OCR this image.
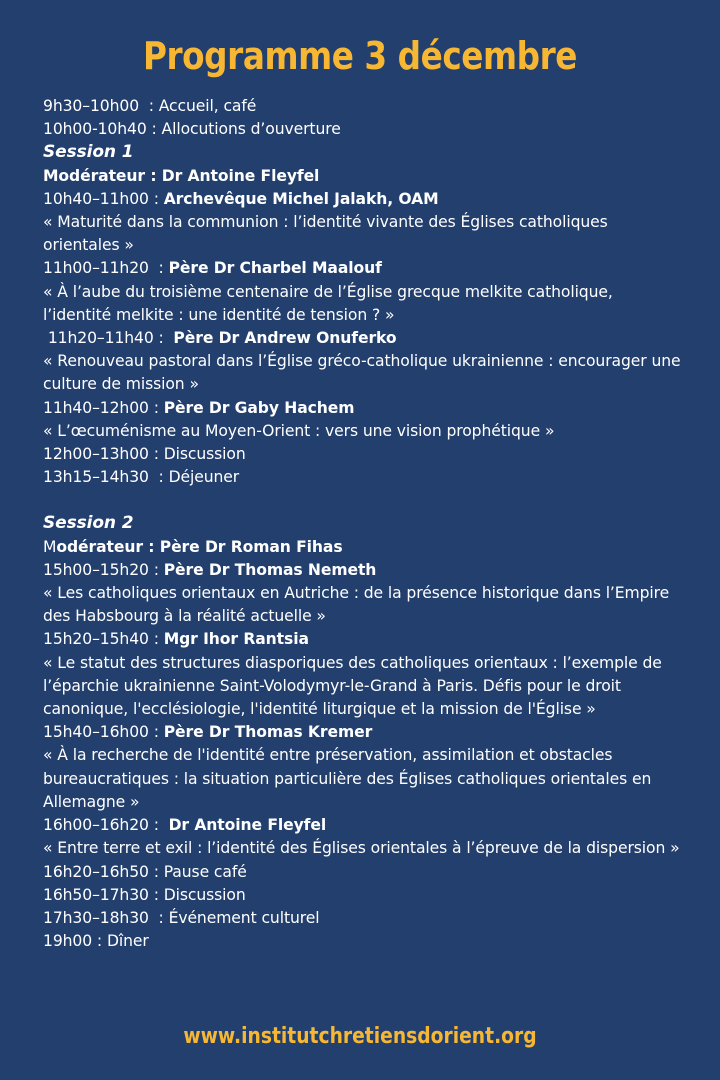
Programme 3 décembre
9h30–10h00  : Accueil, café
10h00-10h40 : Allocutions d’ouverture
Session 1
Modérateur : Dr Antoine Fleyfel
10h40–11h00 : Archevêque Michel Jalakh, OAM
« Maturité dans la communion : l’identité vivante des Églises catholiques orientales »
11h00–11h20  : Père Dr Charbel Maalouf
« À l’aube du troisième centenaire de l’Église grecque melkite catholique, l’identité melkite : une identité de tension ? »
11h20–11h40 :  Père Dr Andrew Onuferko
« Renouveau pastoral dans l’Église gréco-catholique ukrainienne : encourager une culture de mission »
11h40–12h00 : Père Dr Gaby Hachem
« L’œcuménisme au Moyen-Orient : vers une vision prophétique »
12h00–13h00 : Discussion
13h15–14h30  : Déjeuner
Session 2
Modérateur : Père Dr Roman Fihas
15h00–15h20 : Père Dr Thomas Nemeth
« Les catholiques orientaux en Autriche : de la présence historique dans l’Empire des Habsbourg à la réalité actuelle »
15h20–15h40 : Mgr Ihor Rantsia
« Le statut des structures diasporiques des catholiques orientaux : l’exemple de l’éparchie ukrainienne Saint-Volodymyr-le-Grand à Paris. Défis pour le droit canonique, l'ecclésiologie, l'identité liturgique et la mission de l'Église »
15h40–16h00 : Père Dr Thomas Kremer
« À la recherche de l'identité entre préservation, assimilation et obstacles bureaucratiques : la situation particulière des Églises catholiques orientales en Allemagne »
16h00–16h20 :  Dr Antoine Fleyfel
« Entre terre et exil : l’identité des Églises orientales à l’épreuve de la dispersion »
16h20–16h50 : Pause café
16h50–17h30 : Discussion
17h30–18h30  : Événement culturel
19h00 : Dîner
www.institutchretiensdorient.org
